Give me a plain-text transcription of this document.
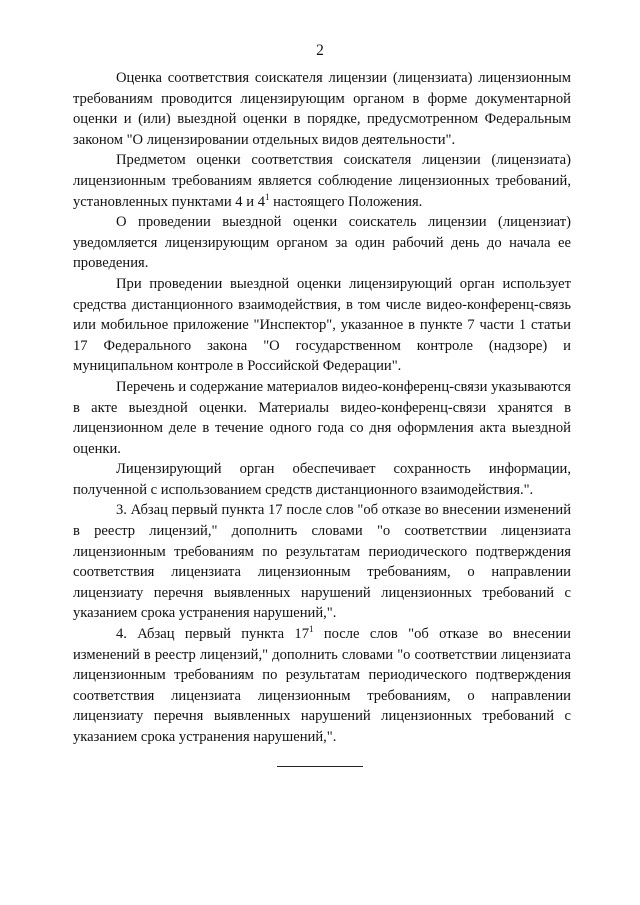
2

Оценка соответствия соискателя лицензии (лицензиата) лицензионным требованиям проводится лицензирующим органом в форме документарной оценки и (или) выездной оценки в порядке, предусмотренном Федеральным законом "О лицензировании отдельных видов деятельности".

Предметом оценки соответствия соискателя лицензии (лицензиата) лицензионным требованиям является соблюдение лицензионных требований, установленных пунктами 4 и $4^1$ настоящего Положения.

О проведении выездной оценки соискатель лицензии (лицензиат) уведомляется лицензирующим органом за один рабочий день до начала ее проведения.

При проведении выездной оценки лицензирующий орган использует средства дистанционного взаимодействия, в том числе видео-конференц-связь или мобильное приложение "Инспектор", указанное в пункте 7 части 1 статьи 17 Федерального закона "О государственном контроле (надзоре) и муниципальном контроле в Российской Федерации".

Перечень и содержание материалов видео-конференц-связи указываются в акте выездной оценки. Материалы видео-конференц-связи хранятся в лицензионном деле в течение одного года со дня оформления акта выездной оценки.

Лицензирующий орган обеспечивает сохранность информации, полученной с использованием средств дистанционного взаимодействия.".

3. Абзац первый пункта 17 после слов "об отказе во внесении изменений в реестр лицензий," дополнить словами "о соответствии лицензиата лицензионным требованиям по результатам периодического подтверждения соответствия лицензиата лицензионным требованиям, о направлении лицензиату перечня выявленных нарушений лицензионных требований с указанием срока устранения нарушений,".

4. Абзац первый пункта $17^1$ после слов "об отказе во внесении изменений в реестр лицензий," дополнить словами "о соответствии лицензиата лицензионным требованиям по результатам периодического подтверждения соответствия лицензиата лицензионным требованиям, о направлении лицензиату перечня выявленных нарушений лицензионных требований с указанием срока устранения нарушений,".
